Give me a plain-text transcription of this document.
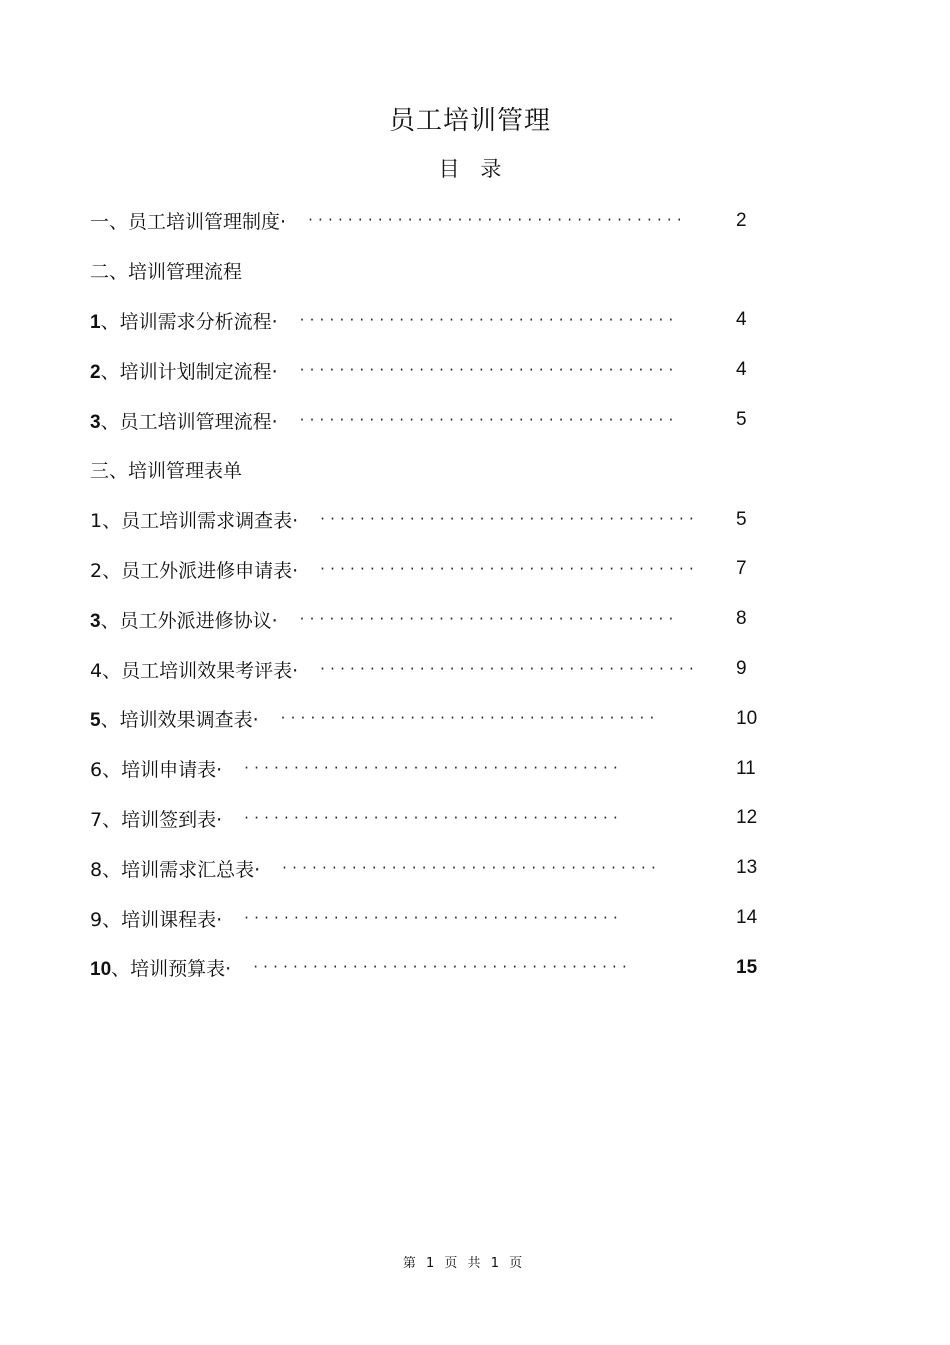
员工培训管理
目 录
一、员工培训管理制度· ······································	2
二、培训管理流程
1、培训需求分析流程· ······································	4
2、培训计划制定流程· ······································	4
3、员工培训管理流程· ······································	5
三、培训管理表单
1、员工培训需求调查表· ······································	5
2、员工外派进修申请表· ······································	7
3、员工外派进修协议· ······································	8
4、员工培训效果考评表· ······································	9
5、培训效果调查表· ······································	10
6、培训申请表· ······································	11
7、培训签到表· ······································	12
8、培训需求汇总表· ······································	13
9、培训课程表· ······································	14
10、培训预算表· ······································	15
第 1 页 共 1 页
